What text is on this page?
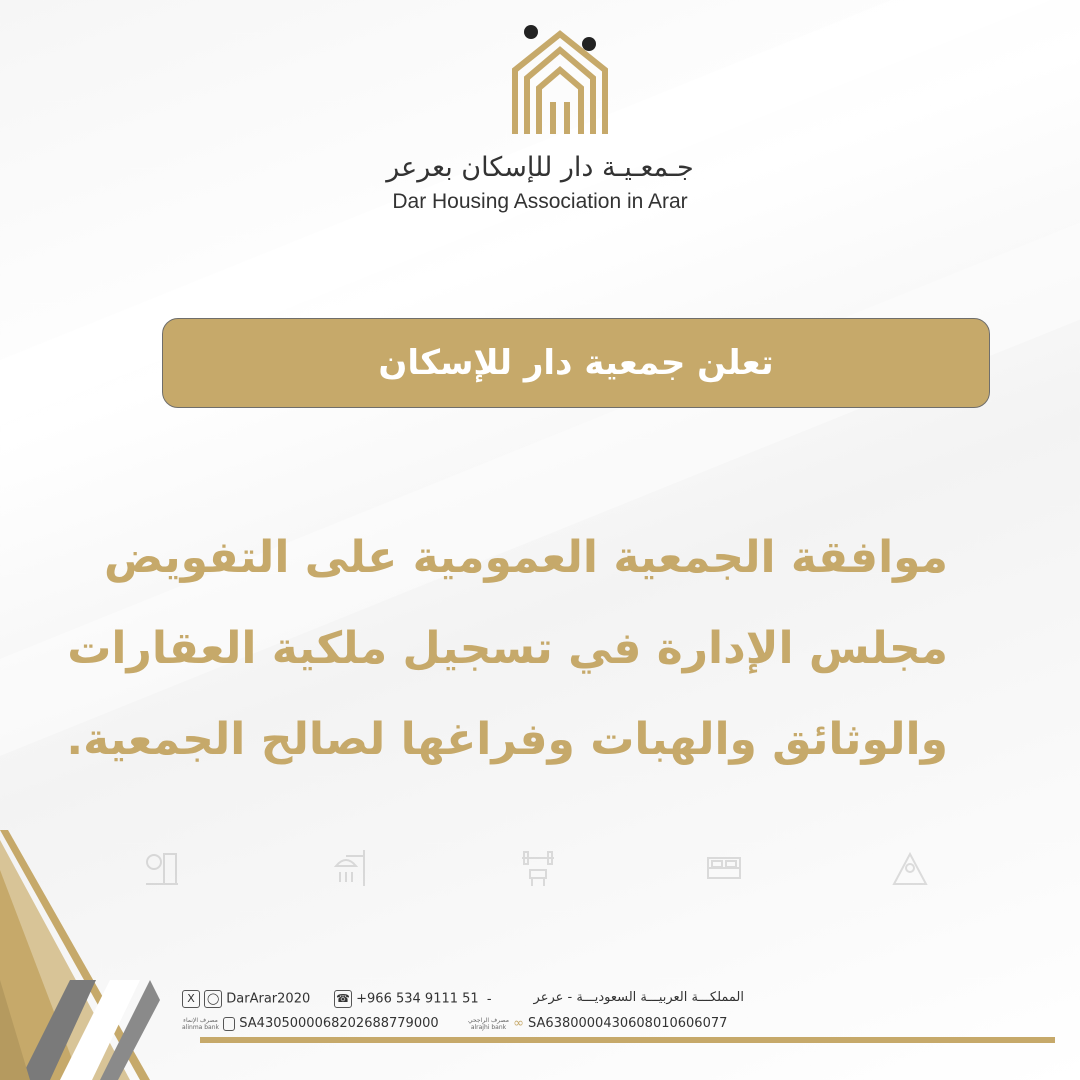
جـمعـيـة دار للإسكان بعرعر
Dar Housing Association in Arar
تعلن جمعية دار للإسكان
موافقة الجمعية العمومية على التفويض
مجلس الإدارة في تسجيل ملكية العقارات
والوثائق والهبات وفراغها لصالح الجمعية.
المملكـــة العربيـــة السعوديـــة - عرعر
☎ +966 534 9111 51 -
X ◯ DarArar2020
مصرف الإنماء
alinma bank SA4305000068202688779000	مصرف الراجحي
alrajhi bank ∞ SA6380000430608010606077
